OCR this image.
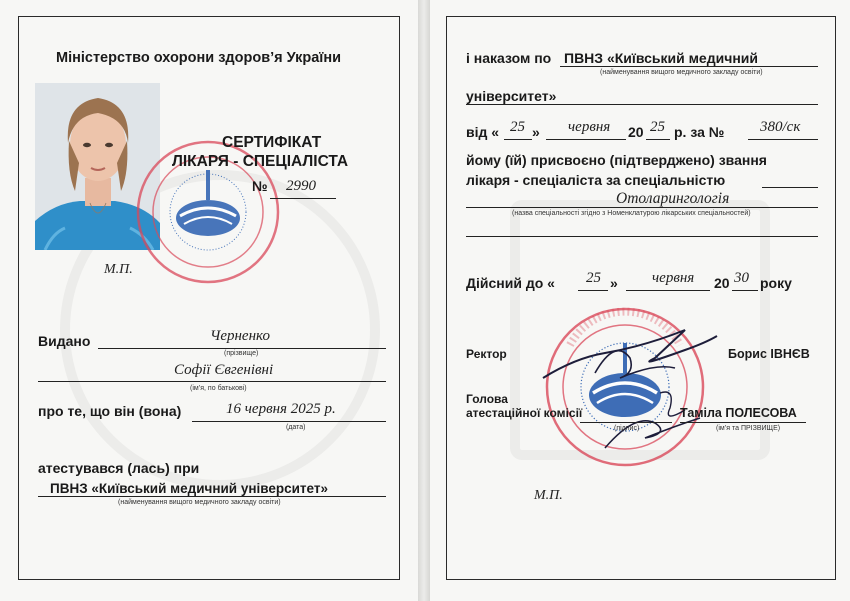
Міністерство охорони здоров’я України
СЕРТИФІКАТ
ЛІКАРЯ - СПЕЦІАЛІСТА
№ 2990
М.П.
Видано	Черненко
(прізвище)
Софії Євгенівні
(ім’я, по батькові)
про те, що він (вона)	16 червня 2025 р.
(дата)
атестувався (лась) при
ПВНЗ «Київський медичний університет»
(найменування вищого медичного закладу освіти)
і наказом по ПВНЗ «Київський медичний
(найменування вищого медичного закладу освіти)
університет»
від « 25 » червня 20 25 р. за № 380/ск
йому (їй) присвоєно (підтверджено) звання
лікаря - спеціаліста за спеціальністю
Отоларингологія
(назва спеціальності згідно з Номенклатурою лікарських спеціальностей)
Дійсний до « 25 » червня 20 30 року
Ректор	Борис ІВНЄВ
Голова
атестаційної комісії
(підпис)
Таміла ПОЛЕСОВА
(ім’я та ПРІЗВИЩЕ)
М.П.
